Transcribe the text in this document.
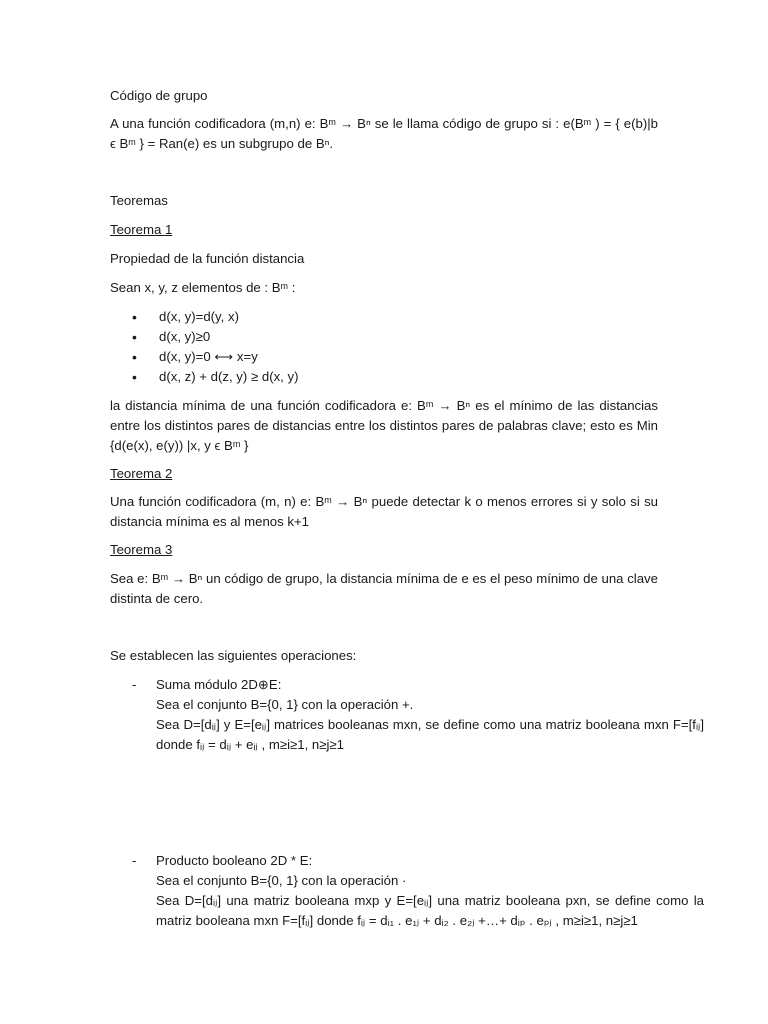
Código de grupo
A una función codificadora (m,n) e: Bᵐ → Bⁿ se le llama código de grupo si : e(Bᵐ ) = { e(b)|b ϵ Bᵐ } = Ran(e) es un subgrupo de Bⁿ.
Teoremas
Teorema 1
Propiedad de la función distancia
Sean x, y, z elementos de : Bᵐ :
• d(x, y)=d(y, x)
• d(x, y)≥0
• d(x, y)=0 ⟷ x=y
• d(x, z) + d(z, y) ≥ d(x, y)
la distancia mínima de una función codificadora e: Bᵐ → Bⁿ es el mínimo de las distancias entre los distintos pares de distancias entre los distintos pares de palabras clave; esto es Min {d(e(x), e(y)) |x, y ϵ Bᵐ }
Teorema 2
Una función codificadora (m, n) e: Bᵐ → Bⁿ puede detectar k o menos errores si y solo si su distancia mínima es al menos k+1
Teorema 3
Sea e: Bᵐ → Bⁿ un código de grupo, la distancia mínima de e es el peso mínimo de una clave distinta de cero.
Se establecen las siguientes operaciones:
- Suma módulo 2D⊕E:
Sea el conjunto B={0, 1} con la operación +.
Sea D=[dᵢⱼ] y E=[eᵢⱼ] matrices booleanas mxn, se define como una matriz booleana mxn F=[fᵢⱼ] donde fᵢⱼ = dᵢⱼ + eᵢⱼ , m≥i≥1, n≥j≥1
- Producto booleano 2D * E:
Sea el conjunto B={0, 1} con la operación ·
Sea D=[dᵢⱼ] una matriz booleana mxp y E=[eᵢⱼ] una matriz booleana pxn, se define como la matriz booleana mxn F=[fᵢⱼ] donde fᵢⱼ = dᵢ₁ . e₁ⱼ + dᵢ₂ . e₂ⱼ +…+ dᵢₚ . eₚⱼ , m≥i≥1, n≥j≥1
